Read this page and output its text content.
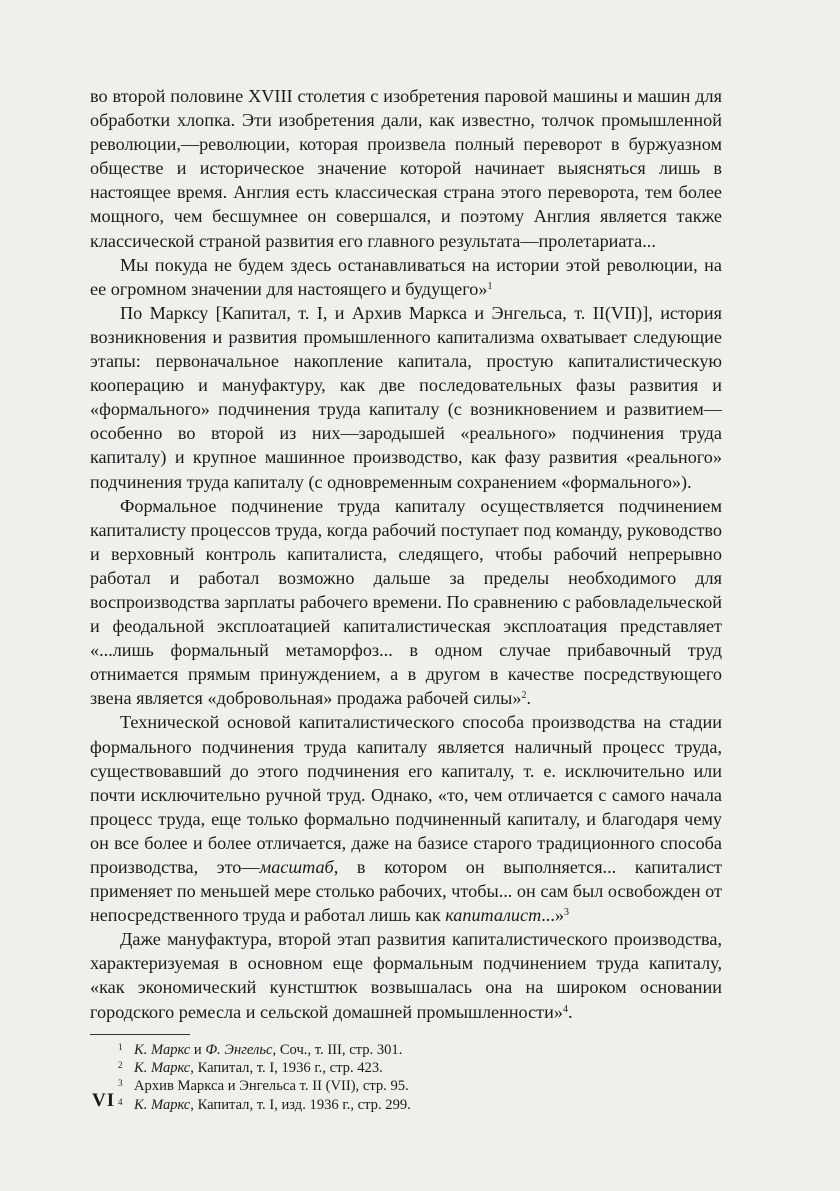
во второй половине XVIII столетия с изобретения паровой машины и машин для обработки хлопка. Эти изобретения дали, как известно, толчок промышленной революции,—революции, которая произвела полный переворот в буржуазном обществе и историческое значение которой начинает выясняться лишь в настоящее время. Англия есть классическая страна этого переворота, тем более мощного, чем бесшумнее он совершался, и поэтому Англия является также классической страной развития его главного результата—пролетариата...

Мы покуда не будем здесь останавливаться на истории этой революции, на ее огромном значении для настоящего и будущего»$^1$

По Марксу [Капитал, т. I, и Архив Маркса и Энгельса, т. II(VII)], история возникновения и развития промышленного капитализма охватывает следующие этапы: первоначальное накопление капитала, простую капиталистическую кооперацию и мануфактуру, как две последовательных фазы развития и «формального» подчинения труда капиталу (с возникновением и развитием—особенно во второй из них—зародышей «реального» подчинения труда капиталу) и крупное машинное производство, как фазу развития «реального» подчинения труда капиталу (с одновременным сохранением «формального»).

Формальное подчинение труда капиталу осуществляется подчинением капиталисту процессов труда, когда рабочий поступает под команду, руководство и верховный контроль капиталиста, следящего, чтобы рабочий непрерывно работал и работал возможно дальше за пределы необходимого для воспроизводства зарплаты рабочего времени. По сравнению с рабовладельческой и феодальной эксплоатацией капиталистическая эксплоатация представляет «...лишь формальный метаморфоз... в одном случае прибавочный труд отнимается прямым принуждением, а в другом в качестве посредствующего звена является «добровольная» продажа рабочей силы»$^2$.

Технической основой капиталистического способа производства на стадии формального подчинения труда капиталу является наличный процесс труда, существовавший до этого подчинения его капиталу, т. е. исключительно или почти исключительно ручной труд. Однако, «то, чем отличается с самого начала процесс труда, еще только формально подчиненный капиталу, и благодаря чему он все более и более отличается, даже на базисе старого традиционного способа производства, это—масштаб, в котором он выполняется... капиталист применяет по меньшей мере столько рабочих, чтобы... он сам был освобожден от непосредственного труда и работал лишь как капиталист...»$^3$

Даже мануфактура, второй этап развития капиталистического производства, характеризуемая в основном еще формальным подчинением труда капиталу, «как экономический кунстштюк возвышалась она на широком основании городского ремесла и сельской домашней промышленности»$^4$.

1 К. Маркс и Ф. Энгельс, Соч., т. III, стр. 301.

2 К. Маркс, Капитал, т. I, 1936 г., стр. 423.

3 Архив Маркса и Энгельса т. II (VII), стр. 95.

4 К. Маркс, Капитал, т. I, изд. 1936 г., стр. 299.

VI
